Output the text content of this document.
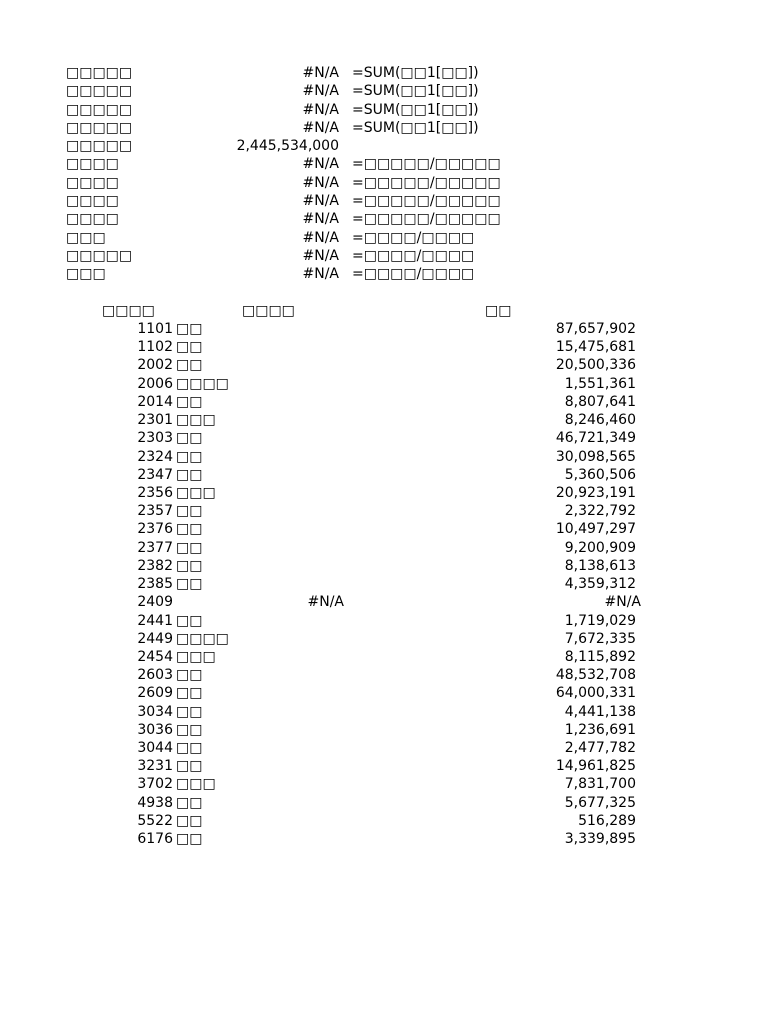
□□□□□	#N/A =SUM(□□1[□□])
□□□□□	#N/A =SUM(□□1[□□])
□□□□□	#N/A =SUM(□□1[□□])
□□□□□	#N/A =SUM(□□1[□□])
□□□□□	2,445,534,000
□□□□	#N/A =□□□□□/□□□□□
□□□□	#N/A =□□□□□/□□□□□
□□□□	#N/A =□□□□□/□□□□□
□□□□	#N/A =□□□□□/□□□□□
□□□	#N/A =□□□□/□□□□
□□□□□	#N/A =□□□□/□□□□
□□□	#N/A =□□□□/□□□□
□□□□	□□□□	□□
1101 □□	87,657,902
1102 □□	15,475,681
2002 □□	20,500,336
2006 □□□□	1,551,361
2014 □□	8,807,641
2301 □□□	8,246,460
2303 □□	46,721,349
2324 □□	30,098,565
2347 □□	5,360,506
2356 □□□	20,923,191
2357 □□	2,322,792
2376 □□	10,497,297
2377 □□	9,200,909
2382 □□	8,138,613
2385 □□	4,359,312
2409	#N/A	#N/A
2441 □□	1,719,029
2449 □□□□	7,672,335
2454 □□□	8,115,892
2603 □□	48,532,708
2609 □□	64,000,331
3034 □□	4,441,138
3036 □□	1,236,691
3044 □□	2,477,782
3231 □□	14,961,825
3702 □□□	7,831,700
4938 □□	5,677,325
5522 □□	516,289
6176 □□	3,339,895
